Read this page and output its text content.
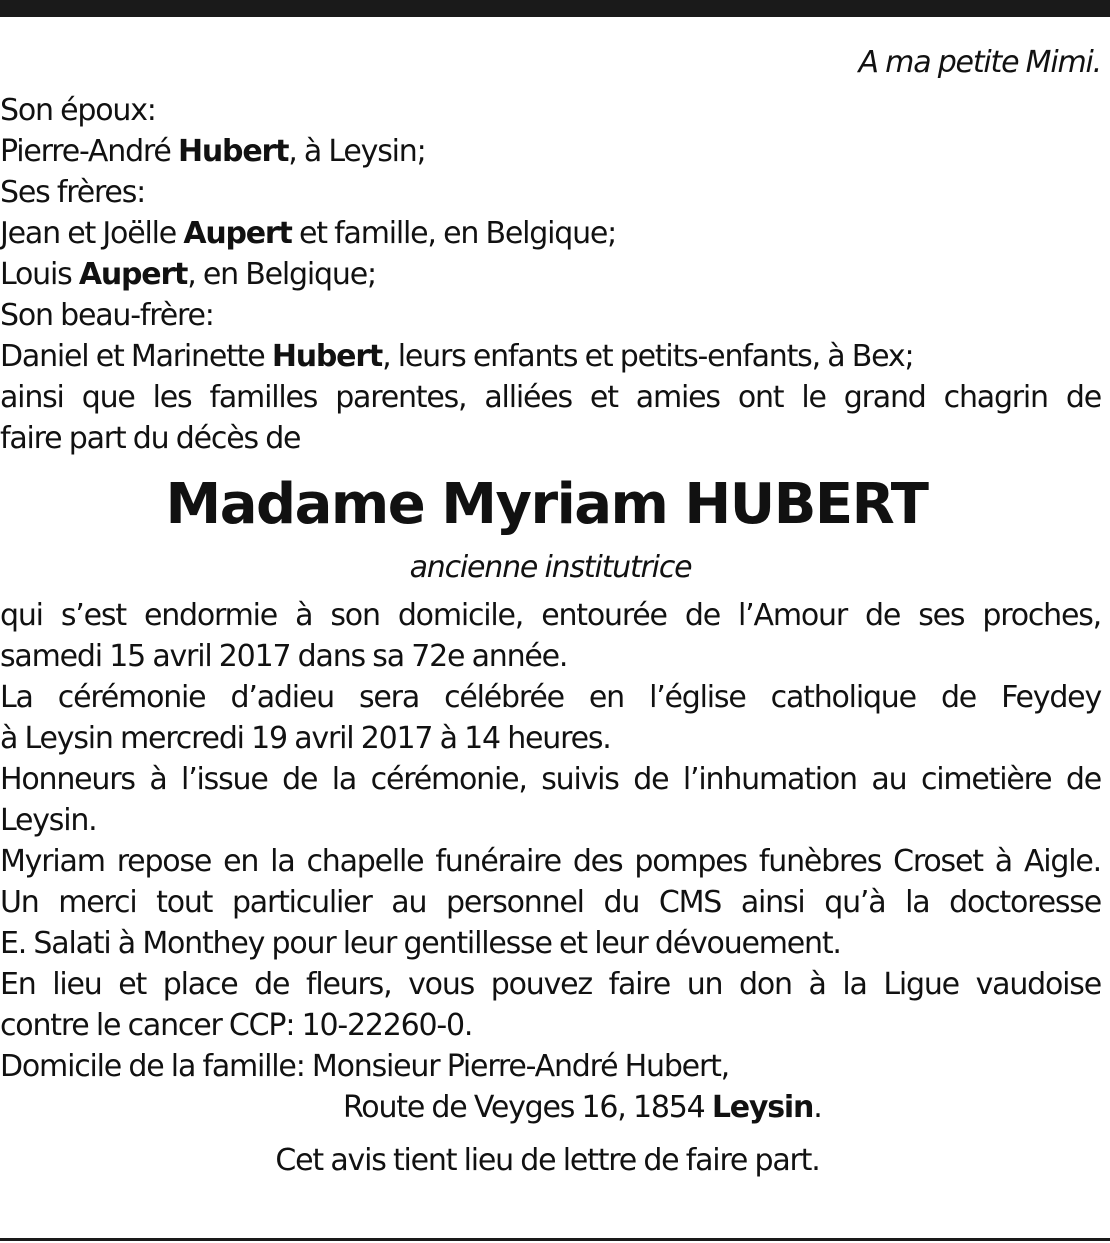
A ma petite Mimi.
Son époux:
Pierre-André Hubert, à Leysin;
Ses frères:
Jean et Joëlle Aupert et famille, en Belgique;
Louis Aupert, en Belgique;
Son beau-frère:
Daniel et Marinette Hubert, leurs enfants et petits-enfants, à Bex;
ainsi que les familles parentes, alliées et amies ont le grand chagrin de
faire part du décès de
Madame Myriam HUBERT
ancienne institutrice
qui s’est endormie à son domicile, entourée de l’Amour de ses proches,
samedi 15 avril 2017 dans sa 72e année.
La cérémonie d’adieu sera célébrée en l’église catholique de Feydey
à Leysin mercredi 19 avril 2017 à 14 heures.
Honneurs à l’issue de la cérémonie, suivis de l’inhumation au cimetière de
Leysin.
Myriam repose en la chapelle funéraire des pompes funèbres Croset à Aigle.
Un merci tout particulier au personnel du CMS ainsi qu’à la doctoresse
E. Salati à Monthey pour leur gentillesse et leur dévouement.
En lieu et place de fleurs, vous pouvez faire un don à la Ligue vaudoise
contre le cancer CCP: 10-22260-0.
Domicile de la famille: Monsieur Pierre-André Hubert,
Route de Veyges 16, 1854 Leysin.
Cet avis tient lieu de lettre de faire part.
